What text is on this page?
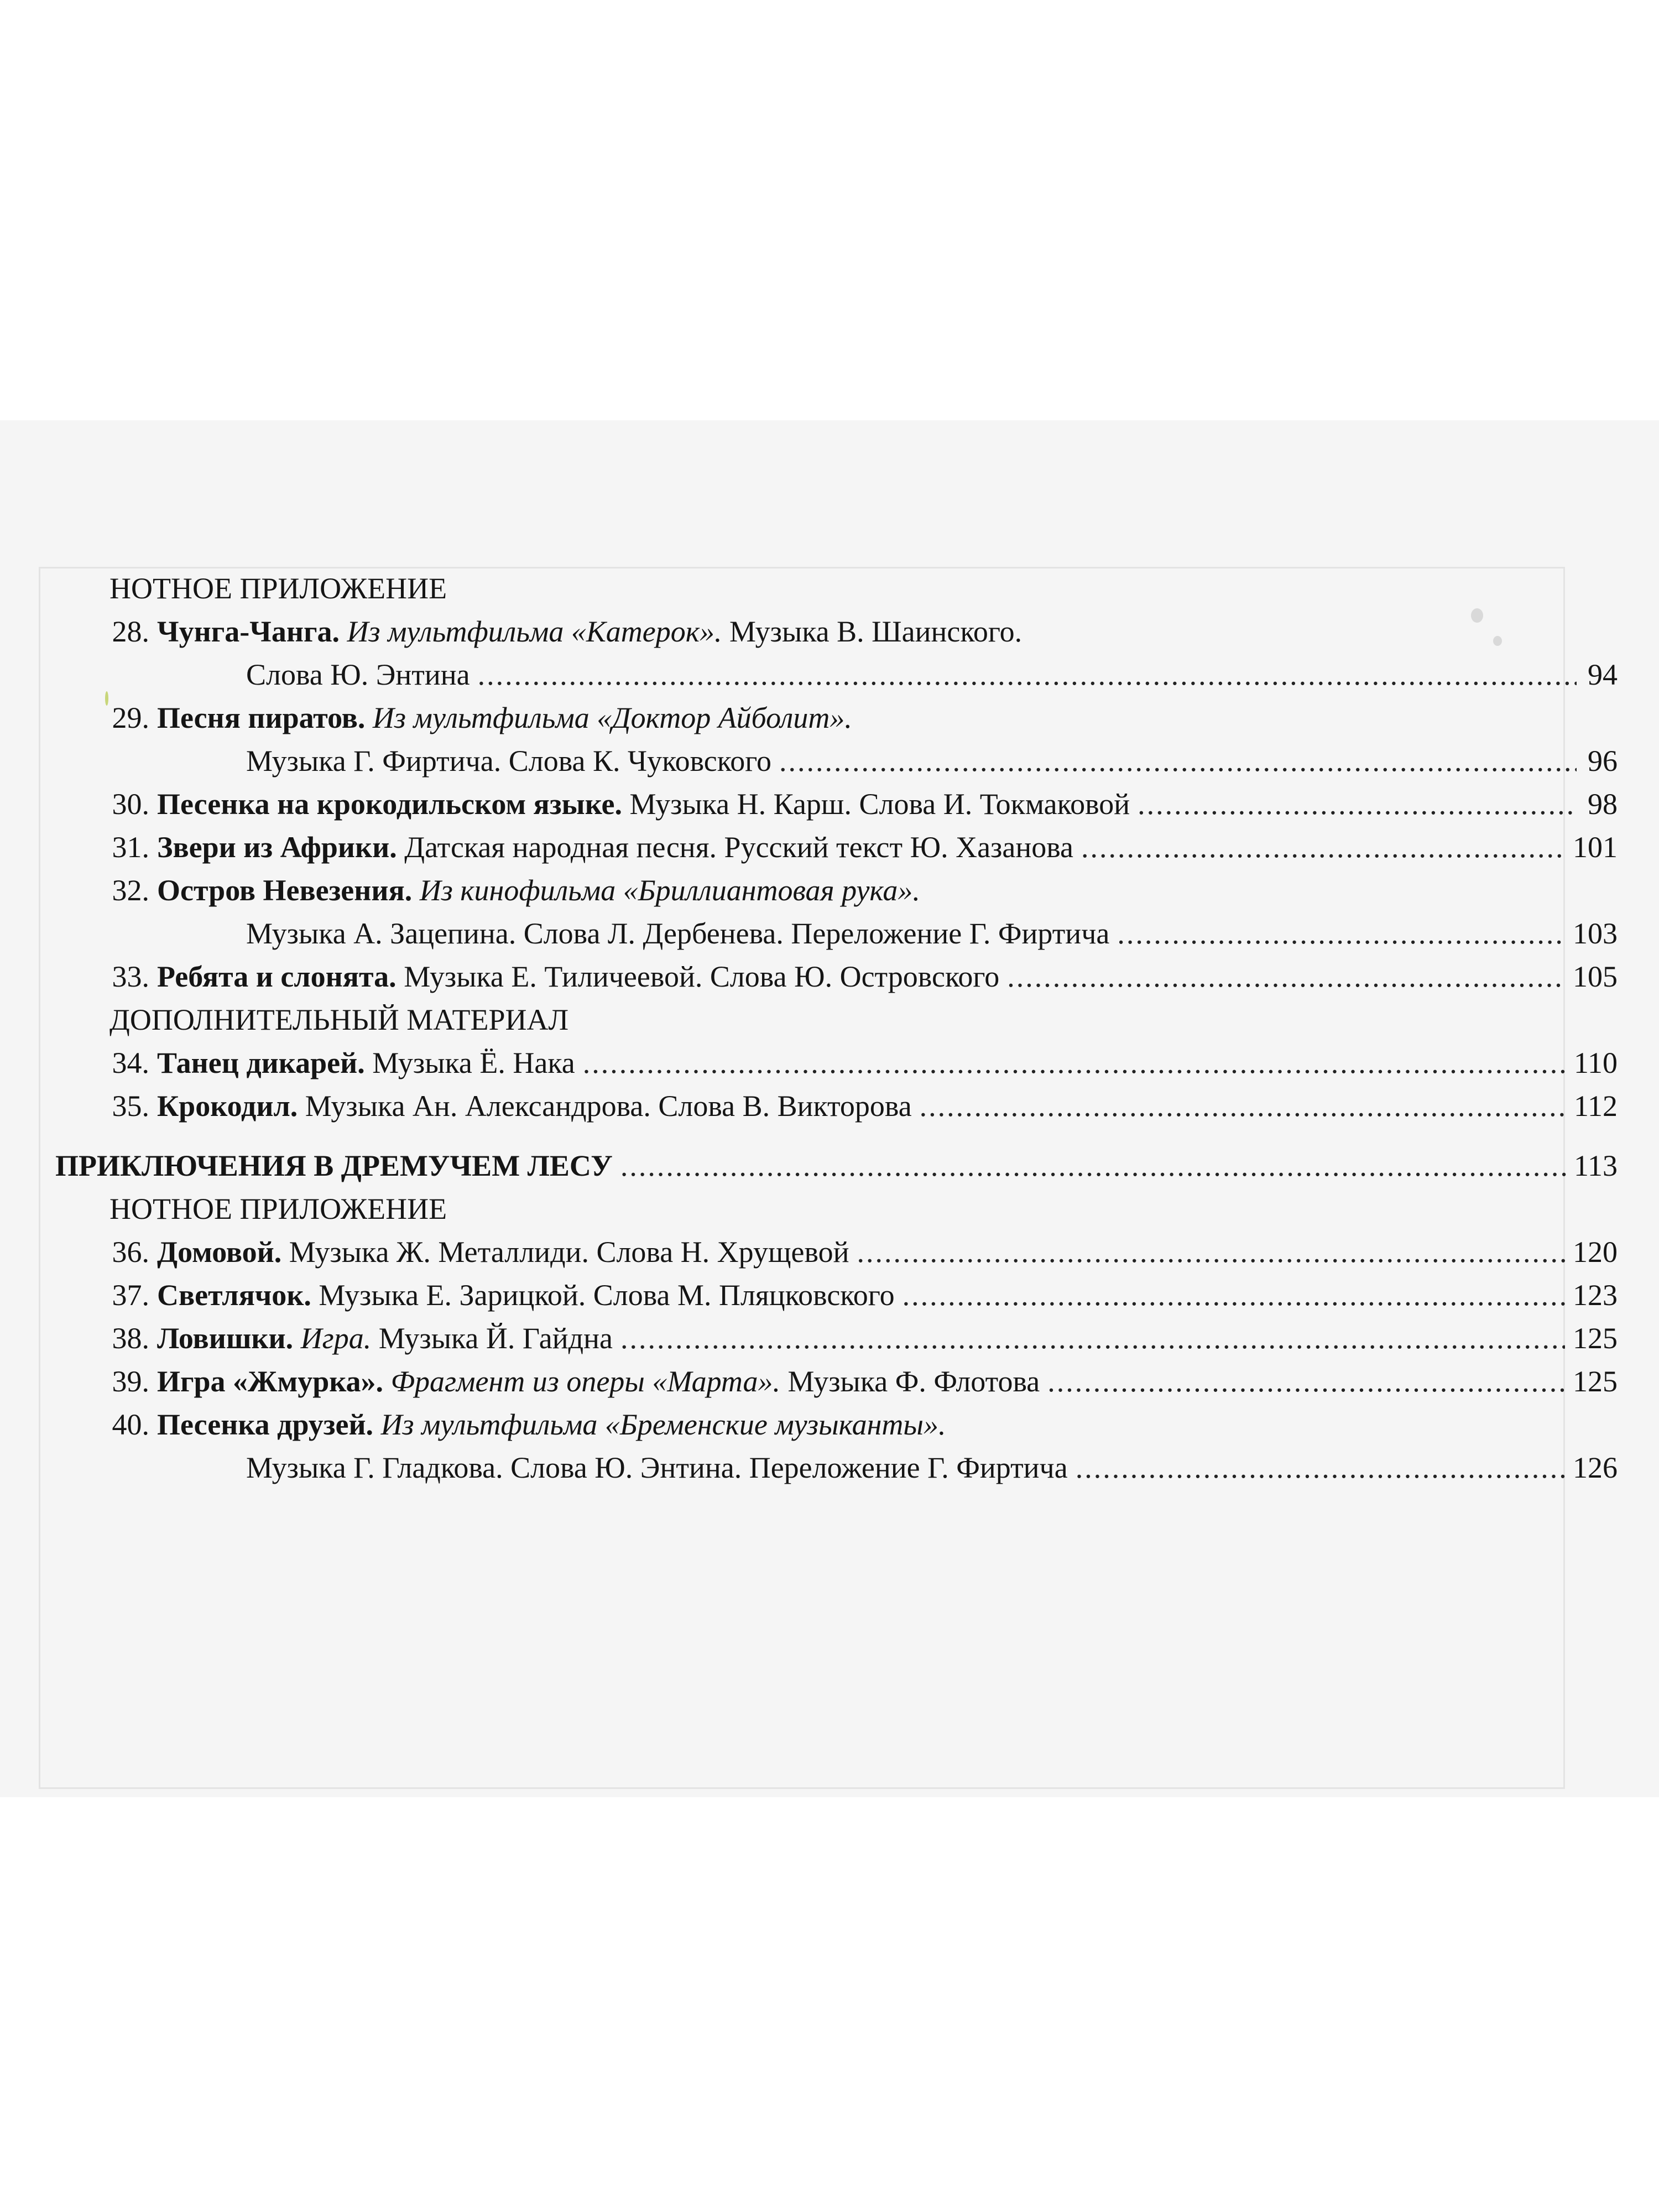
НОТНОЕ ПРИЛОЖЕНИЕ
28. Чунга-Чанга. Из мультфильма «Катерок». Музыка В. Шаинского.
Слова Ю. Энтина .....	94
29. Песня пиратов. Из мультфильма «Доктор Айболит».
Музыка Г. Фиртича. Слова К. Чуковского .....	96
30. Песенка на крокодильском языке. Музыка Н. Карш. Слова И. Токмаковой .....	98
31. Звери из Африки. Датская народная песня. Русский текст Ю. Хазанова .....	101
32. Остров Невезения. Из кинофильма «Бриллиантовая рука».
Музыка А. Зацепина. Слова Л. Дербенева. Переложение Г. Фиртича .....	103
33. Ребята и слонята. Музыка Е. Тиличеевой. Слова Ю. Островского .....	105
ДОПОЛНИТЕЛЬНЫЙ МАТЕРИАЛ
34. Танец дикарей. Музыка Ё. Нака .....	110
35. Крокодил. Музыка Ан. Александрова. Слова В. Викторова .....	112
ПРИКЛЮЧЕНИЯ В ДРЕМУЧЕМ ЛЕСУ .....	113
НОТНОЕ ПРИЛОЖЕНИЕ
36. Домовой. Музыка Ж. Металлиди. Слова Н. Хрущевой .....	120
37. Светлячок. Музыка Е. Зарицкой. Слова М. Пляцковского .....	123
38. Ловишки. Игра. Музыка Й. Гайдна .....	125
39. Игра «Жмурка». Фрагмент из оперы «Марта». Музыка Ф. Флотова .....	125
40. Песенка друзей. Из мультфильма «Бременские музыканты».
Музыка Г. Гладкова. Слова Ю. Энтина. Переложение Г. Фиртича .....	126
